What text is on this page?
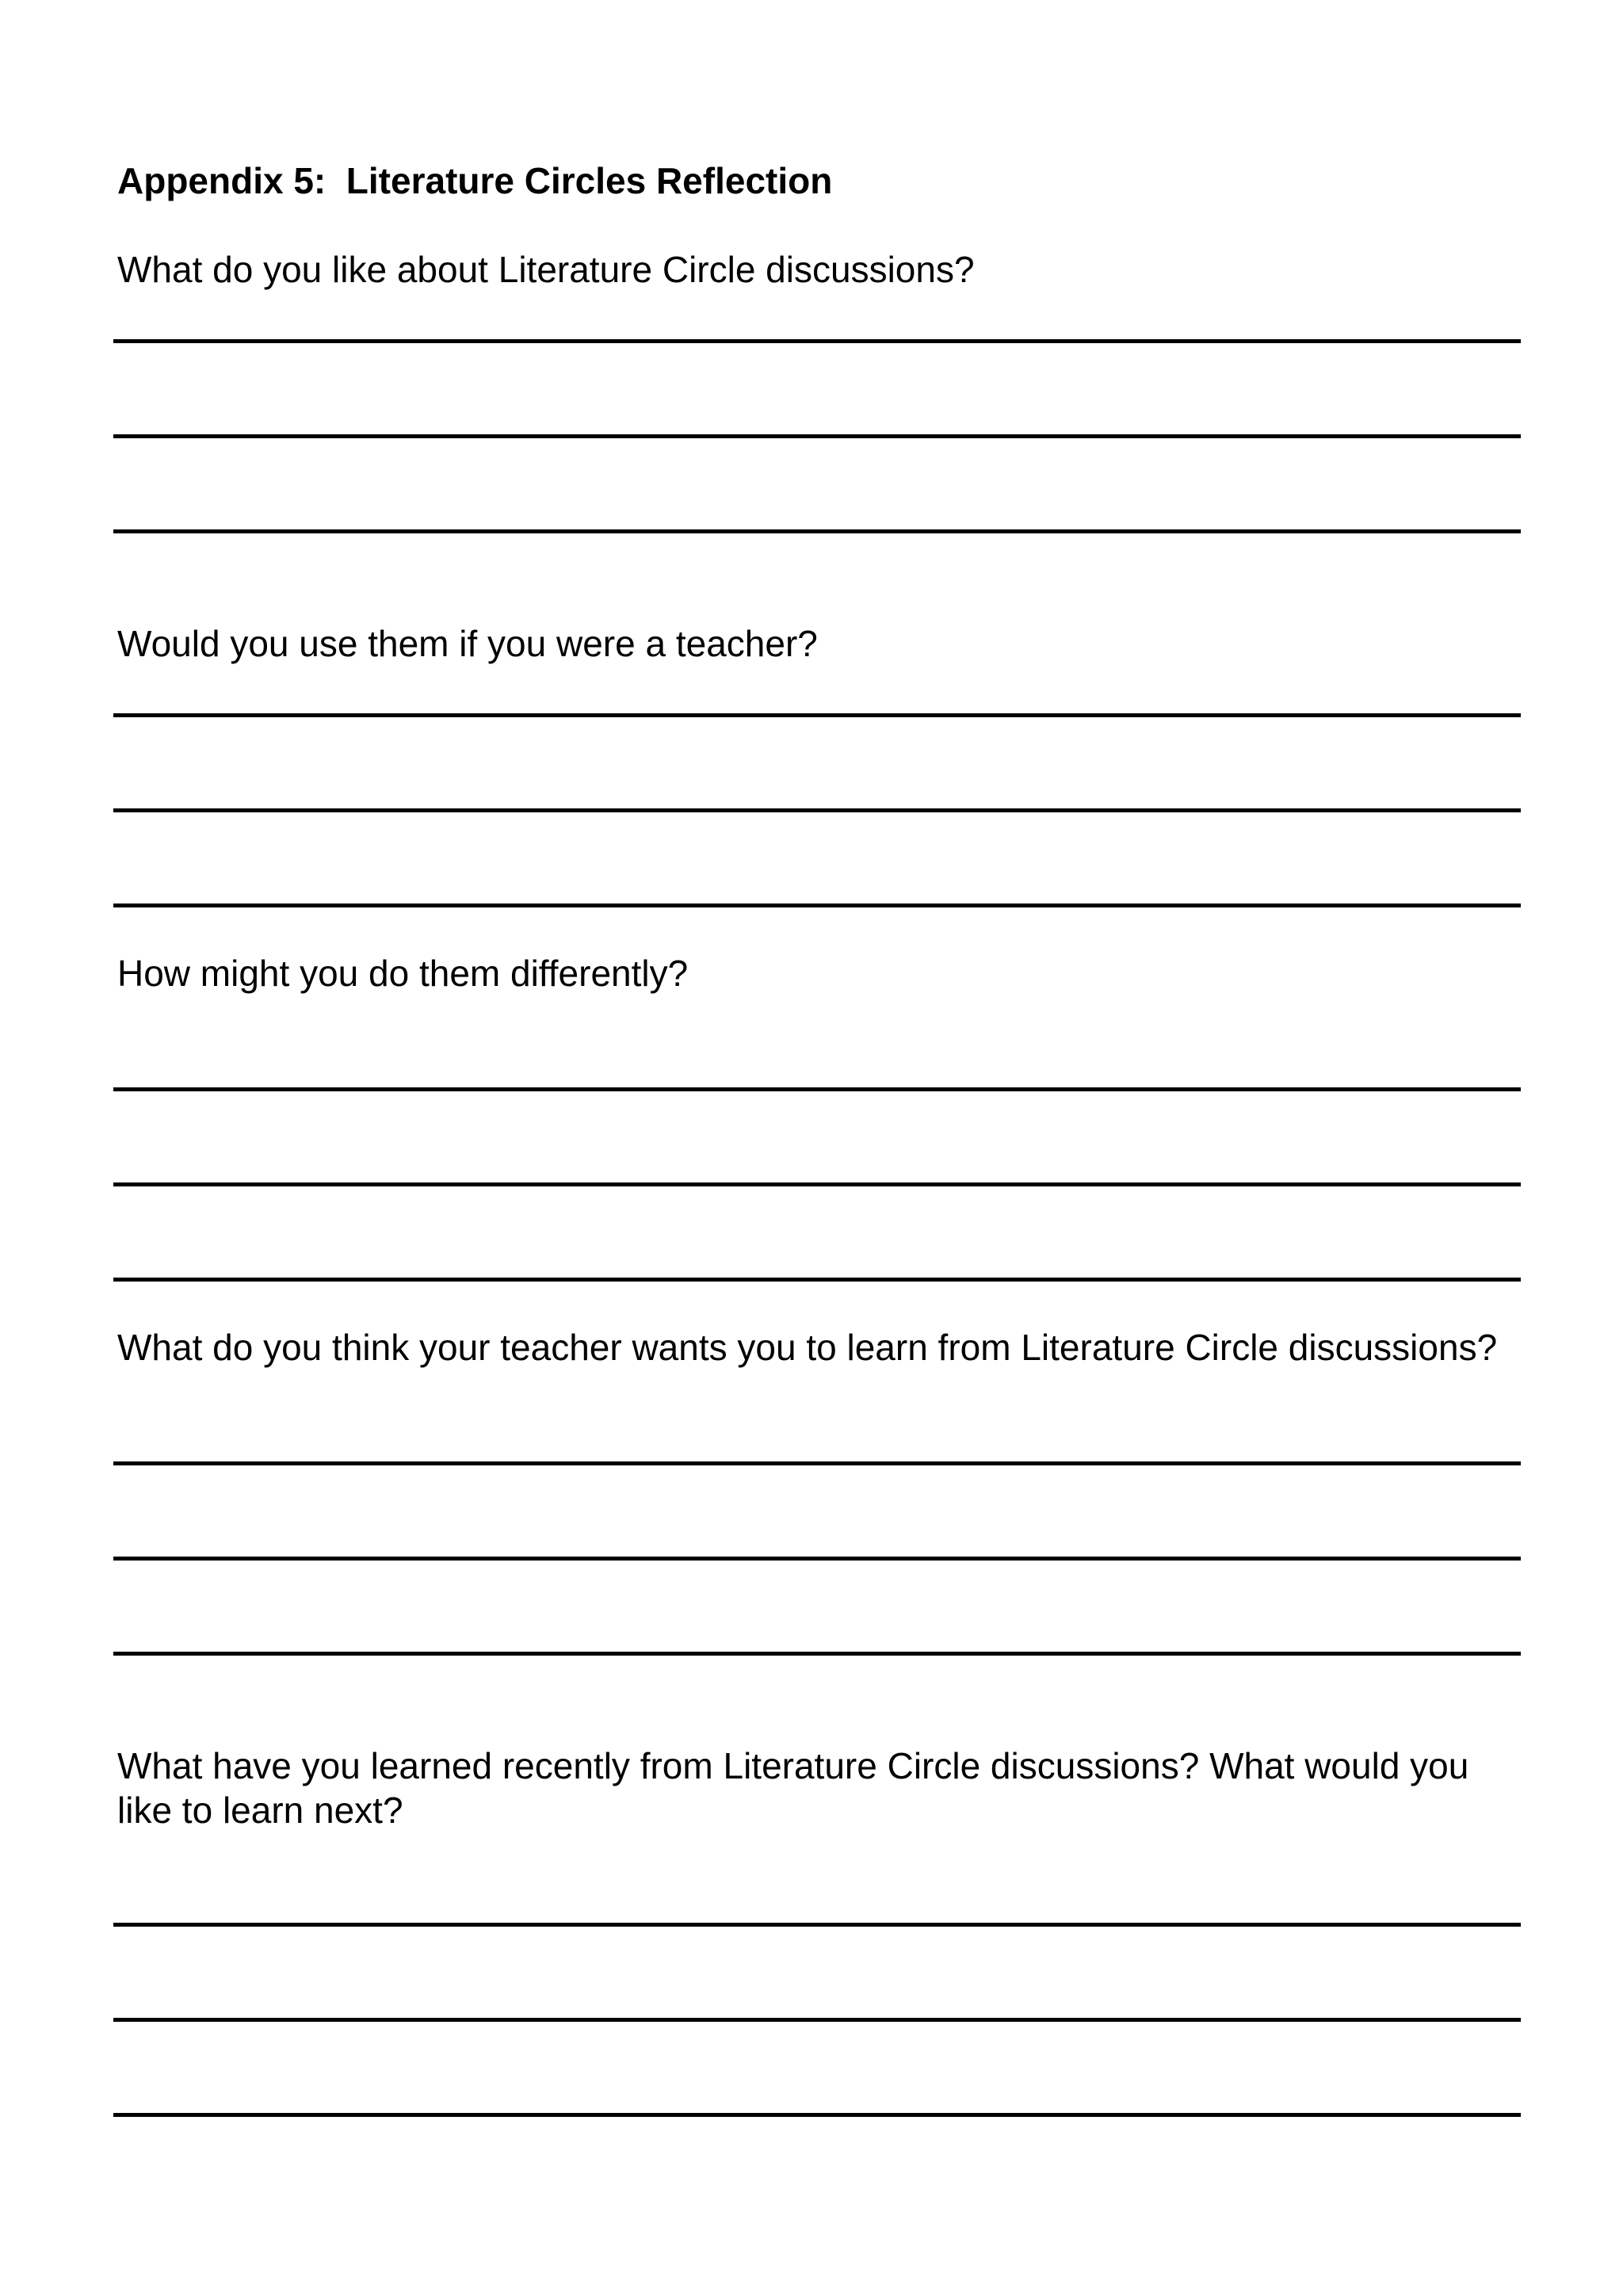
Appendix 5:  Literature Circles Reflection
What do you like about Literature Circle discussions?
Would you use them if you were a teacher?
How might you do them differently?
What do you think your teacher wants you to learn from Literature Circle discussions?
What have you learned recently from Literature Circle discussions? What would you like to learn next?
